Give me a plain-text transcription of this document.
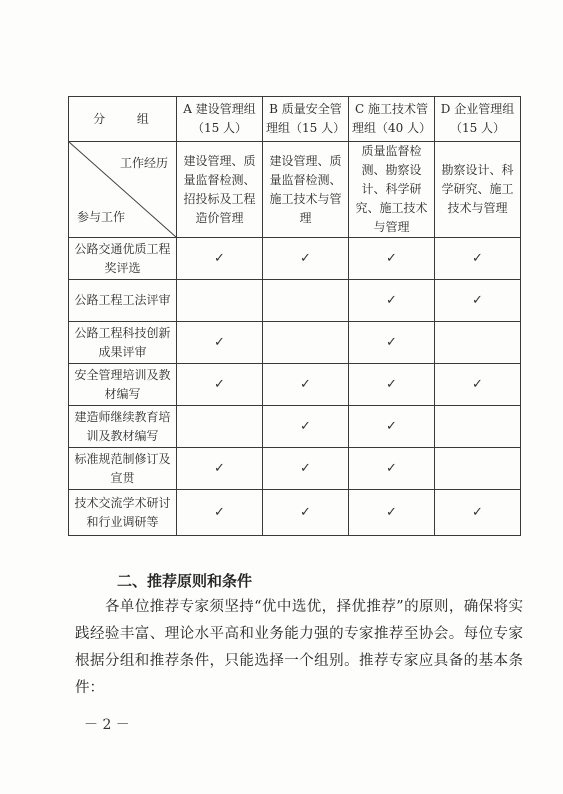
分 组	A 建设管理组（15 人）	B 质量安全管理组（15 人）	C 施工技术管理组（40 人）	D 企业管理组（15 人）

工作经历
参与工作	建设管理、质量监督检测、招投标及工程造价管理	建设管理、质量监督检测、施工技术与管理	质量监督检测、勘察设计、科学研究、施工技术与管理	勘察设计、科学研究、施工技术与管理
公路交通优质工程奖评选	✓	✓	✓	✓
公路工程工法评审			✓	✓
公路工程科技创新成果评审	✓		✓	
安全管理培训及教材编写	✓	✓	✓	✓
建造师继续教育培训及教材编写		✓	✓	
标准规范制修订及宣贯	✓	✓	✓	
技术交流学术研讨和行业调研等	✓	✓	✓	✓
二、推荐原则和条件
各单位推荐专家须坚持“优中选优，择优推荐”的原则，确保将实践经验丰富、理论水平高和业务能力强的专家推荐至协会。每位专家根据分组和推荐条件，只能选择一个组别。推荐专家应具备的基本条件：
－ 2 －
